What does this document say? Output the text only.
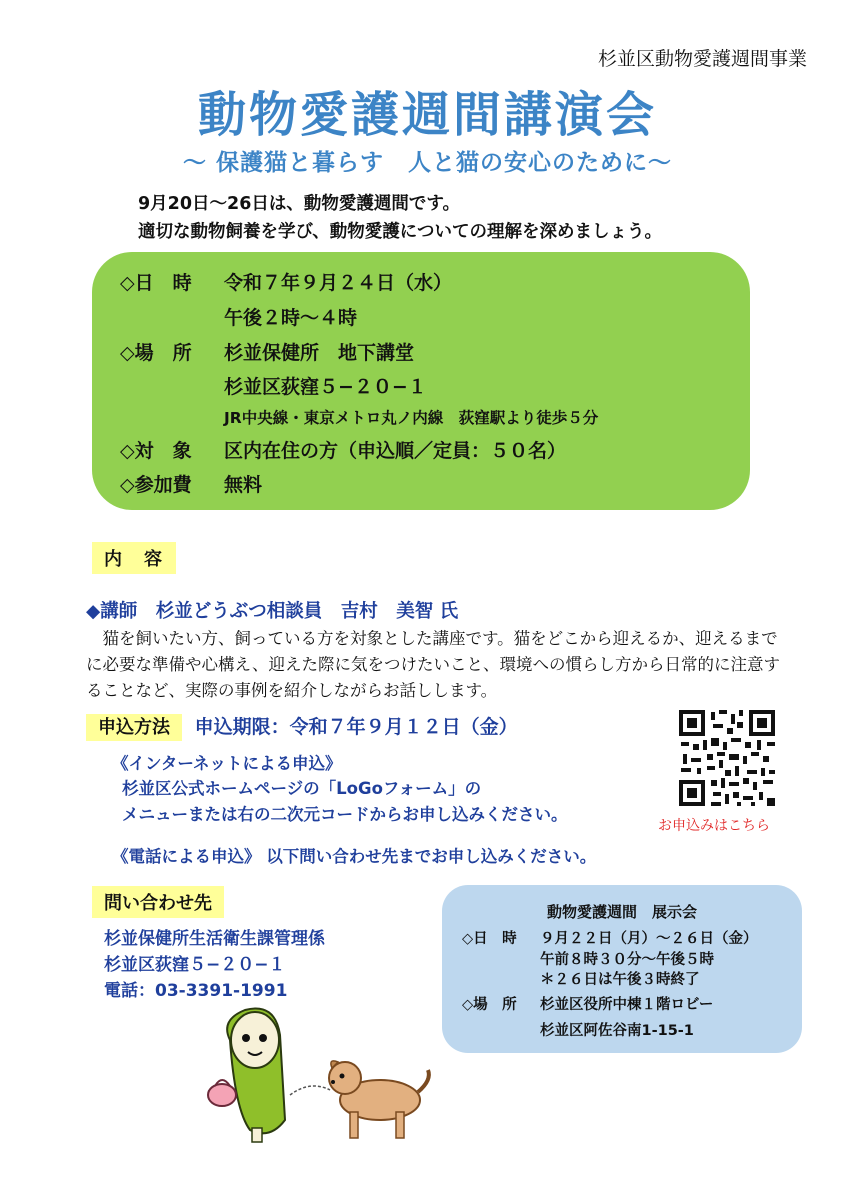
杉並区動物愛護週間事業
動物愛護週間講演会
〜 保護猫と暮らす　人と猫の安心のために〜
9月20日〜26日は、動物愛護週間です。
適切な動物飼養を学び、動物愛護についての理解を深めましょう。
◇日　時 令和７年９月２４日（水）
午後２時〜４時
◇場　所 杉並保健所　地下講堂
杉並区荻窪５−２０−１
JR中央線・東京メトロ丸ノ内線　荻窪駅より徒歩５分
◇対　象 区内在住の方（申込順／定員：５０名）
◇参加費 無料
内　容
◆講師　杉並どうぶつ相談員　吉村　美智 氏
　猫を飼いたい方、飼っている方を対象とした講座です。猫をどこから迎えるか、迎えるまでに必要な準備や心構え、迎えた際に気をつけたいこと、環境への慣らし方から日常的に注意することなど、実際の事例を紹介しながらお話しします。
申込方法 申込期限：令和７年９月１２日（金）
《インターネットによる申込》
杉並区公式ホームページの「LoGoフォーム」の
メニューまたは右の二次元コードからお申し込みください。
《電話による申込》 以下問い合わせ先までお申し込みください。
お申込みはこちら
問い合わせ先
杉並保健所生活衛生課管理係
杉並区荻窪５−２０−１
電話：03-3391-1991
動物愛護週間　展示会
◇日　時 ９月２２日（月）〜２６日（金）
午前８時３０分〜午後５時
＊２６日は午後３時終了
◇場　所 杉並区役所中棟１階ロビー
杉並区阿佐谷南1-15-1
